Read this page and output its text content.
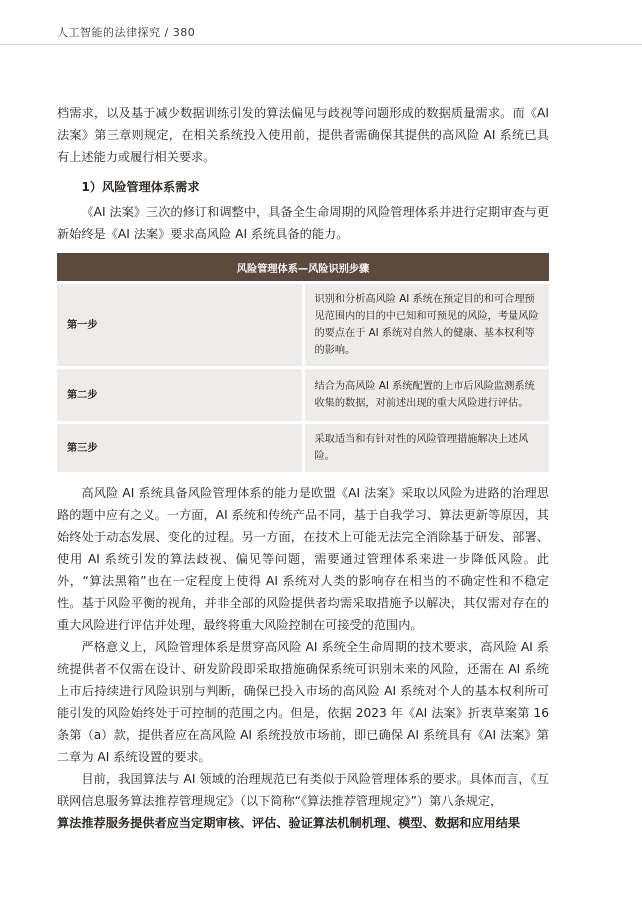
人工智能的法律探究 / 380

档需求，以及基于减少数据训练引发的算法偏见与歧视等问题形成的数据质量需求。而《AI法案》第三章则规定，在相关系统投入使用前，提供者需确保其提供的高风险 AI 系统已具有上述能力或履行相关要求。

1）风险管理体系需求

《AI 法案》三次的修订和调整中，具备全生命周期的风险管理体系并进行定期审查与更新始终是《AI 法案》要求高风险 AI 系统具备的能力。

风险管理体系—风险识别步骤	
第一步	识别和分析高风险 AI 系统在预定目的和可合理预见范围内的目的中已知和可预见的风险，考量风险的要点在于 AI 系统对自然人的健康、基本权利等的影响。
第二步	结合为高风险 AI 系统配置的上市后风险监测系统收集的数据，对前述出现的重大风险进行评估。
第三步	采取适当和有针对性的风险管理措施解决上述风险。

高风险 AI 系统具备风险管理体系的能力是欧盟《AI 法案》采取以风险为进路的治理思路的题中应有之义。一方面，AI 系统和传统产品不同，基于自我学习、算法更新等原因，其始终处于动态发展、变化的过程。另一方面，在技术上可能无法完全消除基于研发、部署、使用 AI 系统引发的算法歧视、偏见等问题，需要通过管理体系来进一步降低风险。此外，“算法黑箱”也在一定程度上使得 AI 系统对人类的影响存在相当的不确定性和不稳定性。基于风险平衡的视角，并非全部的风险提供者均需采取措施予以解决，其仅需对存在的重大风险进行评估并处理，最终将重大风险控制在可接受的范围内。

严格意义上，风险管理体系是贯穿高风险 AI 系统全生命周期的技术要求，高风险 AI 系统提供者不仅需在设计、研发阶段即采取措施确保系统可识别未来的风险，还需在 AI 系统上市后持续进行风险识别与判断，确保已投入市场的高风险 AI 系统对个人的基本权利所可能引发的风险始终处于可控制的范围之内。但是，依据 2023 年《AI 法案》折衷草案第 16 条第（a）款，提供者应在高风险 AI 系统投放市场前，即已确保 AI 系统具有《AI 法案》第二章为 AI 系统设置的要求。

目前，我国算法与 AI 领域的治理规范已有类似于风险管理体系的要求。具体而言，《互联网信息服务算法推荐管理规定》（以下简称“《算法推荐管理规定》”）第八条规定，

算法推荐服务提供者应当定期审核、评估、验证算法机制机理、模型、数据和应用结果
